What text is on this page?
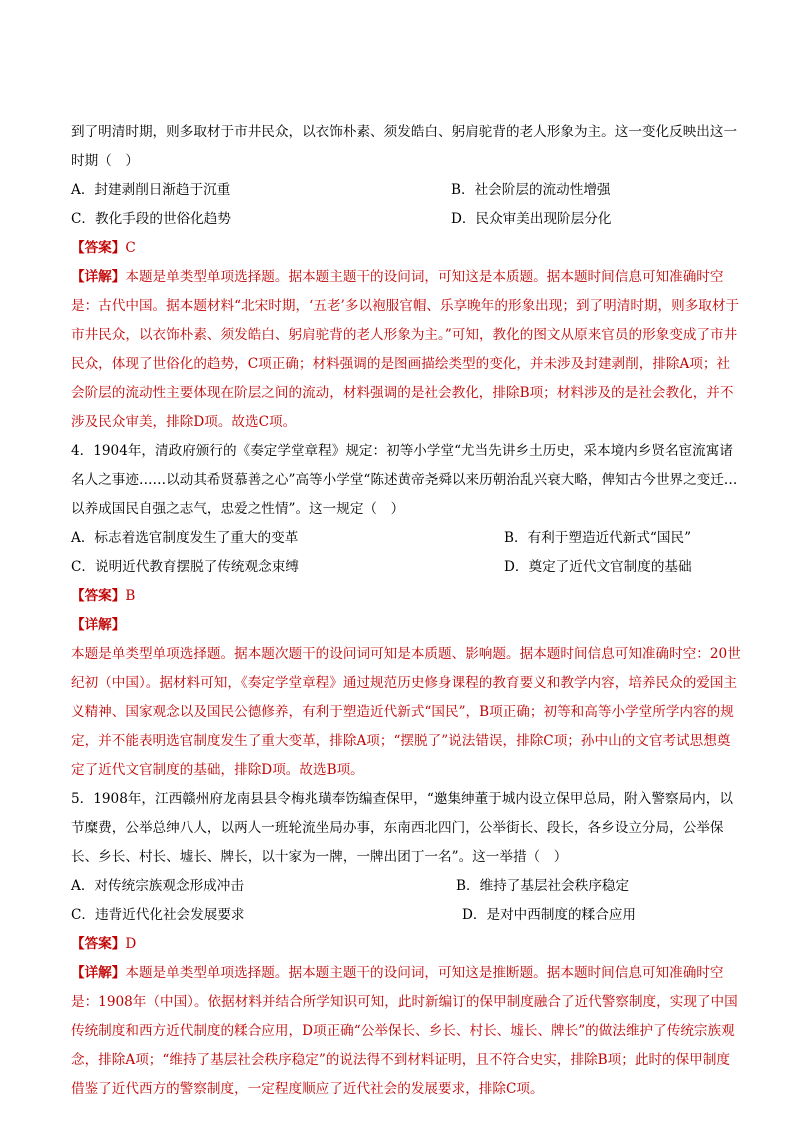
到了明清时期，则多取材于市井民众，以衣饰朴素、须发皓白、躬肩驼背的老人形象为主。这一变化反映出这一时期（　）

A．封建剥削日渐趋于沉重	B．社会阶层的流动性增强
C．教化手段的世俗化趋势	D．民众审美出现阶层分化

【答案】C

【详解】本题是单类型单项选择题。据本题主题干的设问词，可知这是本质题。据本题时间信息可知准确时空是：古代中国。据本题材料“北宋时期，‘五老’多以袍服官帽、乐享晚年的形象出现；到了明清时期，则多取材于市井民众，以衣饰朴素、须发皓白、躬肩驼背的老人形象为主。”可知，教化的图文从原来官员的形象变成了市井民众，体现了世俗化的趋势，C项正确；材料强调的是图画描绘类型的变化，并未涉及封建剥削，排除A项；社会阶层的流动性主要体现在阶层之间的流动，材料强调的是社会教化，排除B项；材料涉及的是社会教化，并不涉及民众审美，排除D项。故选C项。

4．1904年，清政府颁行的《奏定学堂章程》规定：初等小学堂“尤当先讲乡土历史，采本境内乡贤名宦流寓诸名人之事迹……以动其希贤慕善之心”高等小学堂“陈述黄帝尧舜以来历朝治乱兴衰大略，俾知古今世界之变迁…以养成国民自强之志气，忠爱之性情”。这一规定（　）

A．标志着选官制度发生了重大的变革	B．有利于塑造近代新式“国民”
C．说明近代教育摆脱了传统观念束缚	D．奠定了近代文官制度的基础

【答案】B

【详解】

本题是单类型单项选择题。据本题次题干的设问词可知是本质题、影响题。据本题时间信息可知准确时空：20世纪初（中国）。据材料可知，《奏定学堂章程》通过规范历史修身课程的教育要义和教学内容，培养民众的爱国主义精神、国家观念以及国民公德修养，有利于塑造近代新式“国民”，B项正确；初等和高等小学堂所学内容的规定，并不能表明选官制度发生了重大变革，排除A项；“摆脱了”说法错误，排除C项；孙中山的文官考试思想奠定了近代文官制度的基础，排除D项。故选B项。

5．1908年，江西赣州府龙南县县令梅兆璜奉饬编查保甲，“邀集绅董于城内设立保甲总局，附入警察局内，以节糜费，公举总绅八人，以两人一班轮流坐局办事，东南西北四门，公举街长、段长，各乡设立分局，公举保长、乡长、村长、墟长、牌长，以十家为一牌，一牌出团丁一名”。这一举措（　）

A．对传统宗族观念形成冲击	B．维持了基层社会秩序稳定
C．违背近代化社会发展要求	D．是对中西制度的糅合应用

【答案】D

【详解】本题是单类型单项选择题。据本题主题干的设问词，可知这是推断题。据本题时间信息可知准确时空是：1908年（中国）。依据材料并结合所学知识可知，此时新编订的保甲制度融合了近代警察制度，实现了中国传统制度和西方近代制度的糅合应用，D项正确“公举保长、乡长、村长、墟长、牌长”的做法维护了传统宗族观念，排除A项；“维持了基层社会秩序稳定”的说法得不到材料证明，且不符合史实，排除B项；此时的保甲制度借鉴了近代西方的警察制度，一定程度顺应了近代社会的发展要求，排除C项。
